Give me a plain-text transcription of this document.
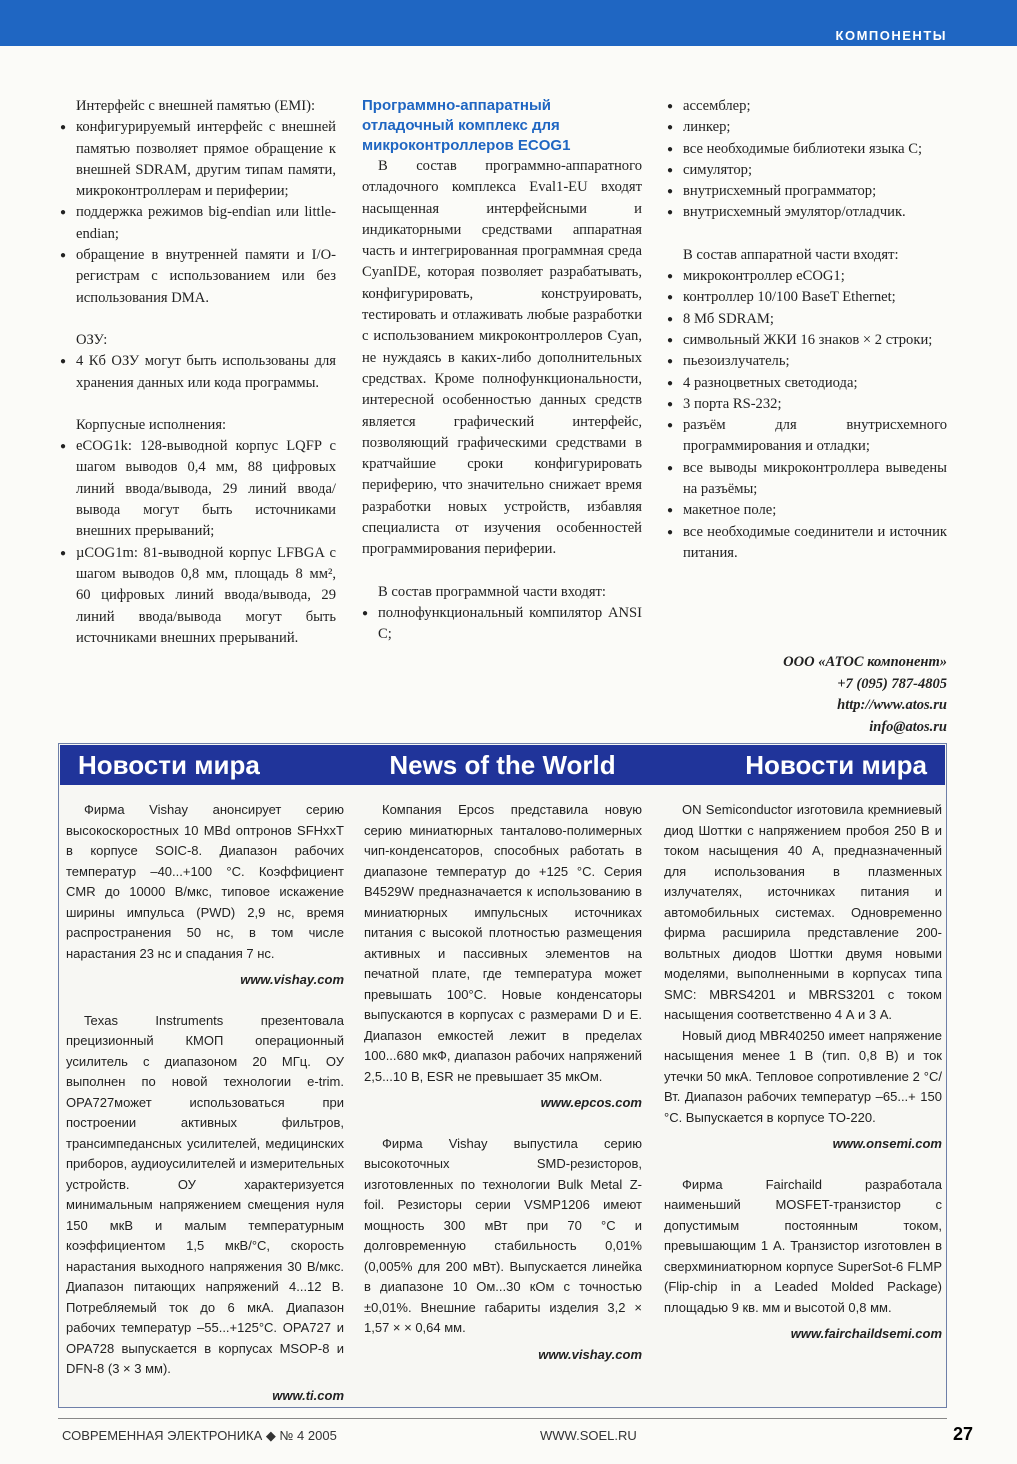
КОМПОНЕНТЫ

Интерфейс с внешней памятью (EMI):

● конфигурируемый интерфейс с внешней памятью позволяет прямое обращение к внешней SDRAM, другим типам памяти, микроконтроллерам и периферии;
● поддержка режимов big-endian или little-endian;
● обращение в внутренней памяти и I/O-регистрам с использованием или без использования DMA.

ОЗУ:

● 4 Кб ОЗУ могут быть использованы для хранения данных или кода программы.

Корпусные исполнения:

● eCOG1k: 128-выводной корпус LQFP с шагом выводов 0,4 мм, 88 цифровых линий ввода/вывода, 29 линий ввода/вывода могут быть источниками внешних прерываний;
● µCOG1m: 81-выводной корпус LFBGA с шагом выводов 0,8 мм, площадь 8 мм², 60 цифровых линий ввода/вывода, 29 линий ввода/вывода могут быть источниками внешних прерываний.

Программно-аппаратный отладочный комплекс для микроконтроллеров ECOG1

В состав программно-аппаратного отладочного комплекса Eval1-EU входят насыщенная интерфейсными и индикаторными средствами аппаратная часть и интегрированная программная среда CyanIDE, которая позволяет разрабатывать, конфигурировать, конструировать, тестировать и отлаживать любые разработки с использованием микроконтроллеров Cyan, не нуждаясь в каких-либо дополнительных средствах. Кроме полнофункциональности, интересной особенностью данных средств является графический интерфейс, позволяющий графическими средствами в кратчайшие сроки конфигурировать периферию, что значительно снижает время разработки новых устройств, избавляя специалиста от изучения особенностей программирования периферии.

В состав программной части входят:

● полнофункциональный компилятор ANSI C;
● ассемблер;
● линкер;
● все необходимые библиотеки языка C;
● симулятор;
● внутрисхемный программатор;
● внутрисхемный эмулятор/отладчик.

В состав аппаратной части входят:

● микроконтроллер eCOG1;
● контроллер 10/100 BaseT Ethernet;
● 8 Мб SDRAM;
● символьный ЖКИ 16 знаков × 2 строки;
● пьезоизлучатель;
● 4 разноцветных светодиода;
● 3 порта RS-232;
● разъём для внутрисхемного программирования и отладки;
● все выводы микроконтроллера выведены на разъёмы;
● макетное поле;
● все необходимые соединители и источник питания.
ООО «АТОС компонент»
+7 (095) 787-4805
http://www.atos.ru
info@atos.ru
Новости мира	News of the World	Новости мира

Фирма Vishay анонсирует серию высокоскоростных 10 MBd оптронов SFHxxT в корпусе SOIC-8. Диапазон рабочих температур –40...+100 °C. Коэффициент CMR до 10000 В/мкс, типовое искажение ширины импульса (PWD) 2,9 нс, время распространения 50 нс, в том числе нарастания 23 нс и спадания 7 нс.

www.vishay.com

Texas Instruments презентовала прецизионный КМОП операционный усилитель с диапазоном 20 МГц. ОУ выполнен по новой технологии e-trim. OPA727может использоваться при построении активных фильтров, трансимпедансных усилителей, медицинских приборов, аудиоусилителей и измерительных устройств. ОУ характеризуется минимальным напряжением смещения нуля 150 мкВ и малым температурным коэффициентом 1,5 мкВ/°C, скорость нарастания выходного напряжения 30 В/мкс. Диапазон питающих напряжений 4...12 В. Потребляемый ток до 6 мкА. Диапазон рабочих температур –55...+125°C. OPA727 и OPA728 выпускается в корпусах MSOP-8 и DFN-8 (3 × 3 мм).

www.ti.com

Компания Epcos представила новую серию миниатюрных танталово-полимерных чип-конденсаторов, способных работать в диапазоне температур до +125 °C. Серия B4529W предназначается к использованию в миниатюрных импульсных источниках питания с высокой плотностью размещения активных и пассивных элементов на печатной плате, где температура может превышать 100°C. Новые конденсаторы выпускаются в корпусах с размерами D и E. Диапазон емкостей лежит в пределах 100...680 мкФ, диапазон рабочих напряжений 2,5...10 В, ESR не превышает 35 мкОм.

www.epcos.com

Фирма Vishay выпустила серию высокоточных SMD-резисторов, изготовленных по технологии Bulk Metal Z-foil. Резисторы серии VSMP1206 имеют мощность 300 мВт при 70 °C и долговременную стабильность 0,01% (0,005% для 200 мВт). Выпускается линейка в диапазоне 10 Ом...30 кОм с точностью ±0,01%. Внешние габариты изделия 3,2 × 1,57 × × 0,64 мм.

www.vishay.com

ON Semiconductor изготовила кремниевый диод Шоттки с напряжением пробоя 250 В и током насыщения 40 А, предназначенный для использования в плазменных излучателях, источниках питания и автомобильных системах. Одновременно фирма расширила представление 200-вольтных диодов Шоттки двумя новыми моделями, выполненными в корпусах типа SMC: MBRS4201 и MBRS3201 с током насыщения соответственно 4 А и 3 А.

Новый диод MBR40250 имеет напряжение насыщения менее 1 В (тип. 0,8 В) и ток утечки 50 мкА. Тепловое сопротивление 2 °C/Вт. Диапазон рабочих температур –65...+ 150 °C. Выпускается в корпусе TO-220.

www.onsemi.com

Фирма Fairchaild разработала наименьший MOSFET-транзистор с допустимым постоянным током, превышающим 1 А. Транзистор изготовлен в сверхминиатюрном корпусе SuperSot-6 FLMP (Flip-chip in a Leaded Molded Package) площадью 9 кв. мм и высотой 0,8 мм.

www.fairchaildsemi.com

СОВРЕМЕННАЯ ЭЛЕКТРОНИКА ◆ № 4 2005	WWW.SOEL.RU	27
